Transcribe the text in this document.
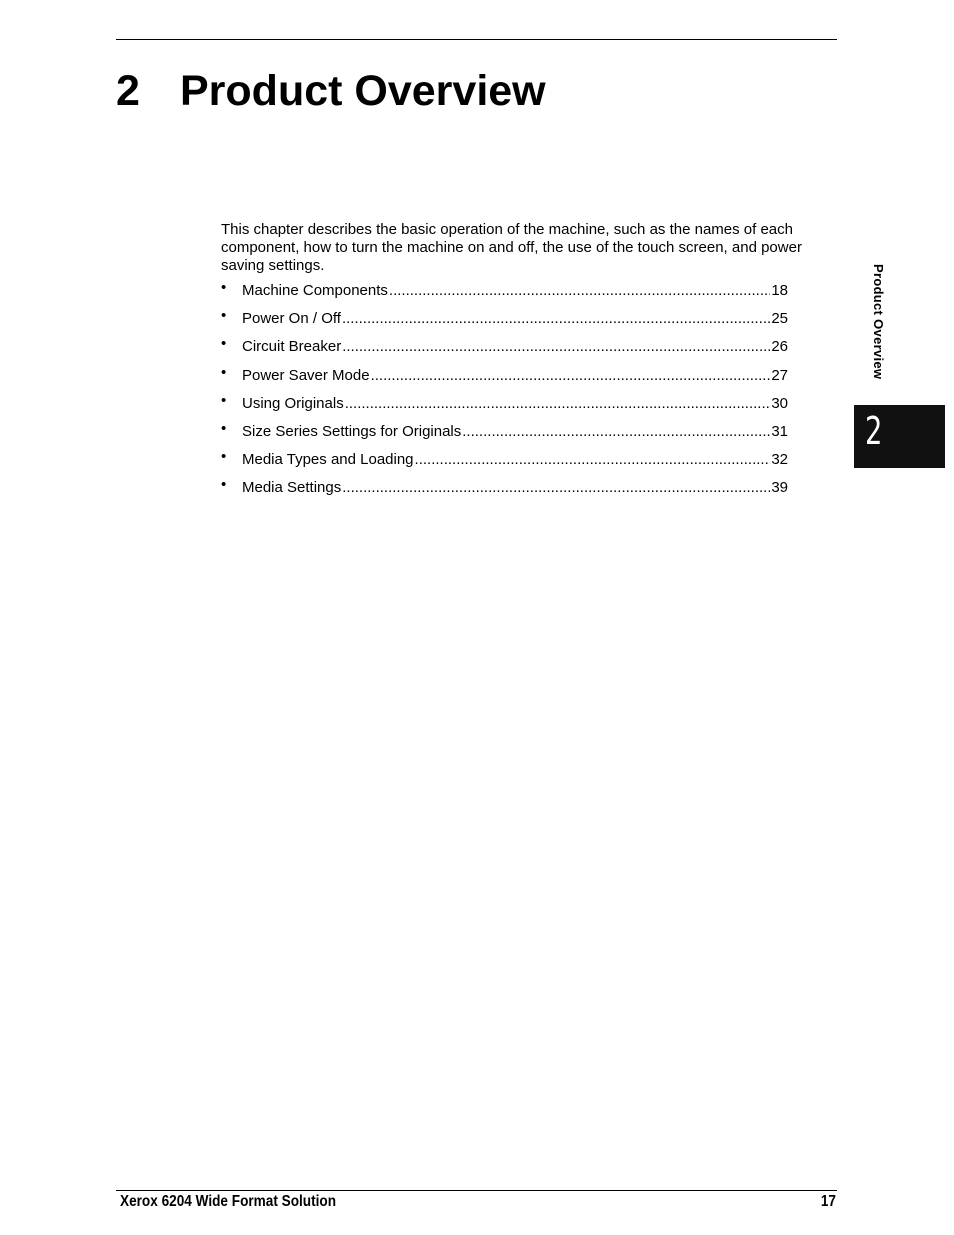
2 Product Overview

This chapter describes the basic operation of the machine, such as the names of each component, how to turn the machine on and off, the use of the touch screen, and power saving settings.

• Machine Components .....	18
• Power On / Off .....	25
• Circuit Breaker .....	26
• Power Saver Mode .....	27
• Using Originals .....	30
• Size Series Settings for Originals .....	31
• Media Types and Loading .....	32
• Media Settings .....	39
Product Overview
2
Xerox 6204 Wide Format Solution	17
